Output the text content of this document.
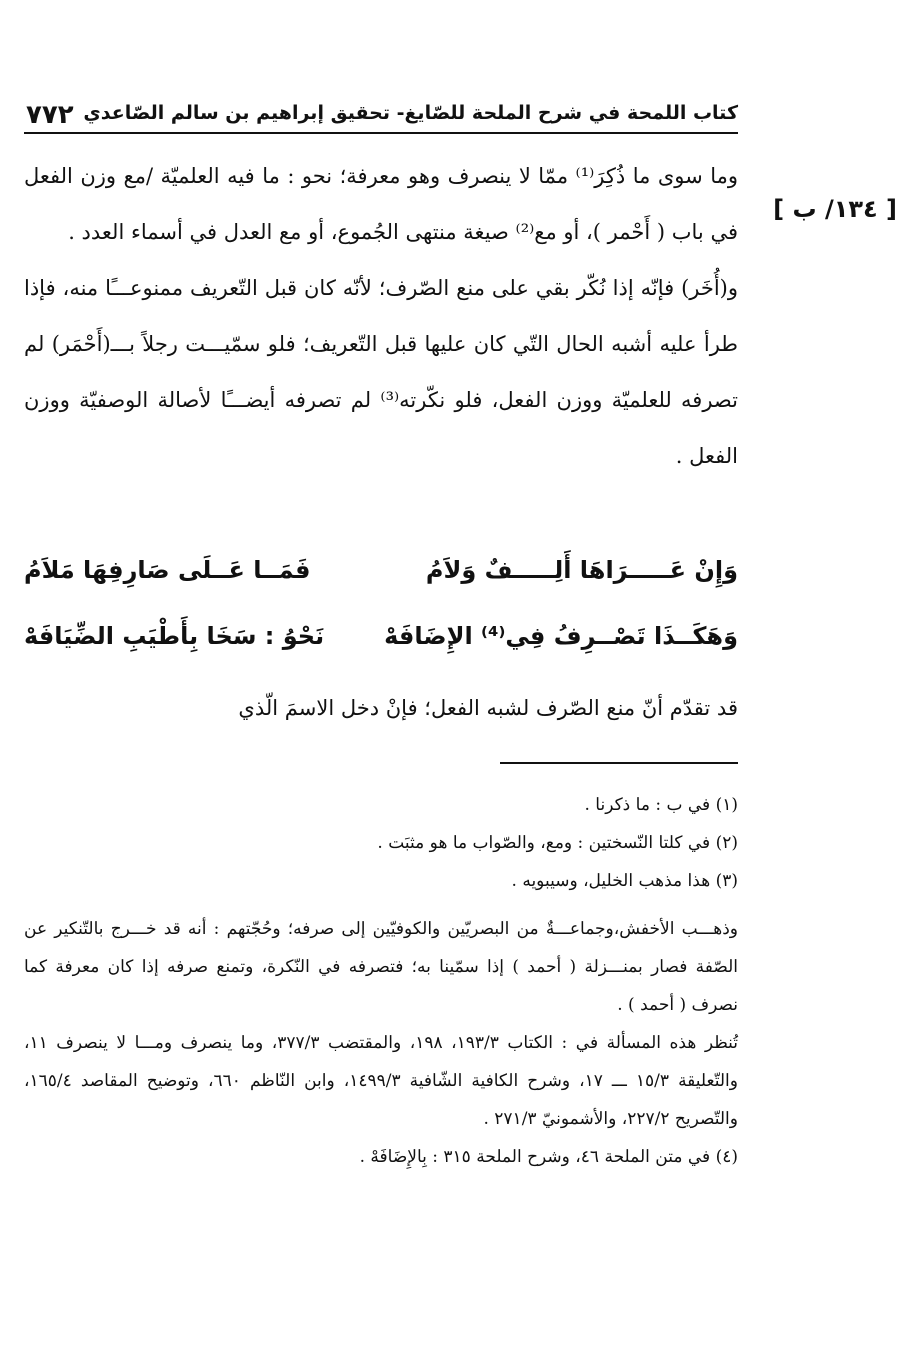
كتاب اللمحة في شرح الملحة للصّايغ- تحقيق إبراهيم بن سالم الصّاعدي
٧٧٢
[ ١٣٤/ ب ]

وما سوى ما ذُكِرَ⁽¹⁾ ممّا لا ينصرف وهو معرفة؛ نحو : ما فيه العلميّة /مع وزن الفعل في باب ( أَحْمر )، أو مع⁽²⁾ صيغة منتهى الجُموع، أو مع العدل في أسماء العدد .

و(أُخَر) فإنّه إذا نُكّر بقي على منع الصّرف؛ لأنّه كان قبل التّعريف ممنوعـــًا منه، فإذا طرأ عليه أشبه الحال التّي كان عليها قبل التّعريف؛ فلو سمّيـــت رجلاً بـــ(أَحْمَر) لم تصرفه للعلميّة ووزن الفعل، فلو نكّرته⁽³⁾ لم تصرفه أيضـــًا لأصالة الوصفيّة ووزن الفعل .

وَإِنْ عَـــــرَاهَا أَلِـــــفٌ وَلاَمُ
فَمَــا عَــلَى صَارِفِهَا مَلاَمُ
وَهَكَــذَا تَصْــرِفُ فِي⁽⁴⁾ الإِضَافَهْ
نَحْوُ : سَخَا بِأَطْيَبِ الضِّيَافَهْ
قد تقدّم أنّ منع الصّرف لشبه الفعل؛ فإنْ دخل الاسمَ الّذي

(١) في ب : ما ذكرنا .

(٢) في كلتا النّسختين : ومع، والصّواب ما هو مثبَت .

(٣) هذا مذهب الخليل، وسيبويه .

وذهـــب الأخفش،وجماعـــةٌ من البصريّين والكوفيّين إلى صرفه؛ وحُجّتهم : أنه قد خـــرج بالتّنكير عن الصّفة فصار بمنـــزلة ( أحمد ) إذا سمّينا به؛ فتصرفه في النّكرة، وتمنع صرفه إذا كان معرفة كما نصرف ( أحمد ) .

تُنظر هذه المسألة في : الكتاب ١٩٣/٣، ١٩٨، والمقتضب ٣٧٧/٣، وما ينصرف ومـــا لا ينصرف ١١، والتّعليقة ١٥/٣ ـــ ١٧، وشرح الكافية الشّافية ١٤٩٩/٣، وابن النّاظم ٦٦٠، وتوضيح المقاصد ١٦٥/٤، والتّصريح ٢٢٧/٢، والأشمونيّ ٢٧١/٣ .

(٤) في متن الملحة ٤٦، وشرح الملحة ٣١٥ : بِالإِضَافَهْ .
